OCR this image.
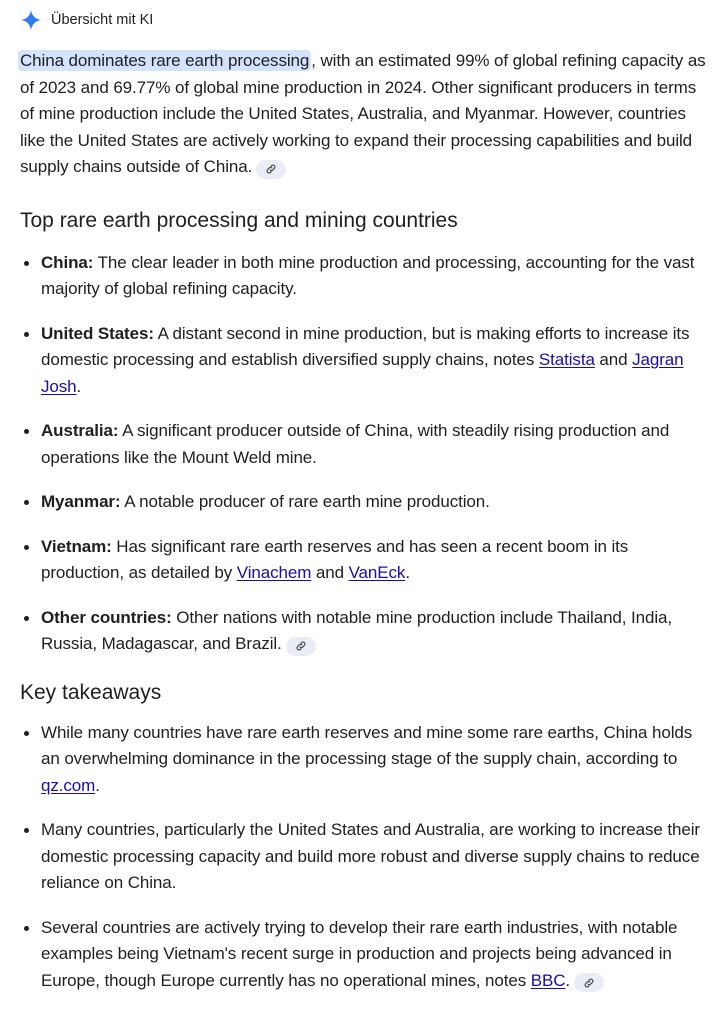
Übersicht mit KI

China dominates rare earth processing , with an estimated 99% of global refining capacity as of 2023 and 69.77% of global mine production in 2024. Other significant producers in terms of mine production include the United States, Australia, and Myanmar. However, countries like the United States are actively working to expand their processing capabilities and build supply chains outside of China.

Top rare earth processing and mining countries
China: The clear leader in both mine production and processing, accounting for the vast majority of global refining capacity.
United States: A distant second in mine production, but is making efforts to increase its domestic processing and establish diversified supply chains, notes Statista and Jagran Josh.
Australia: A significant producer outside of China, with steadily rising production and operations like the Mount Weld mine.
Myanmar: A notable producer of rare earth mine production.
Vietnam: Has significant rare earth reserves and has seen a recent boom in its production, as detailed by Vinachem and VanEck.
Other countries: Other nations with notable mine production include Thailand, India, Russia, Madagascar, and Brazil.
Key takeaways
While many countries have rare earth reserves and mine some rare earths, China holds an overwhelming dominance in the processing stage of the supply chain, according to qz.com.
Many countries, particularly the United States and Australia, are working to increase their domestic processing capacity and build more robust and diverse supply chains to reduce reliance on China.
Several countries are actively trying to develop their rare earth industries, with notable examples being Vietnam's recent surge in production and projects being advanced in Europe, though Europe currently has no operational mines, notes BBC.
